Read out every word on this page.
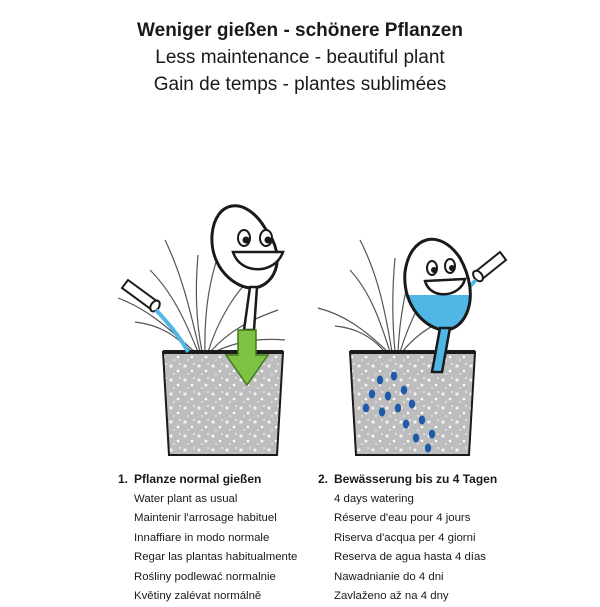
Weniger gießen - schönere Pflanzen
Less maintenance - beautiful plant
Gain de temps - plantes sublimées
1. Pflanze normal gießen
Water plant as usual
Maintenir l'arrosage habituel
Innaffiare in modo normale
Regar las plantas habitualmente
Rośliny podlewać normalnie
Květiny zalévat normálně
2. Bewässerung bis zu 4 Tagen
4 days watering
Réserve d'eau pour 4 jours
Riserva d'acqua per 4 giorni
Reserva de agua hasta 4 días
Nawadnianie do 4 dni
Zavlaženo až na 4 dny
